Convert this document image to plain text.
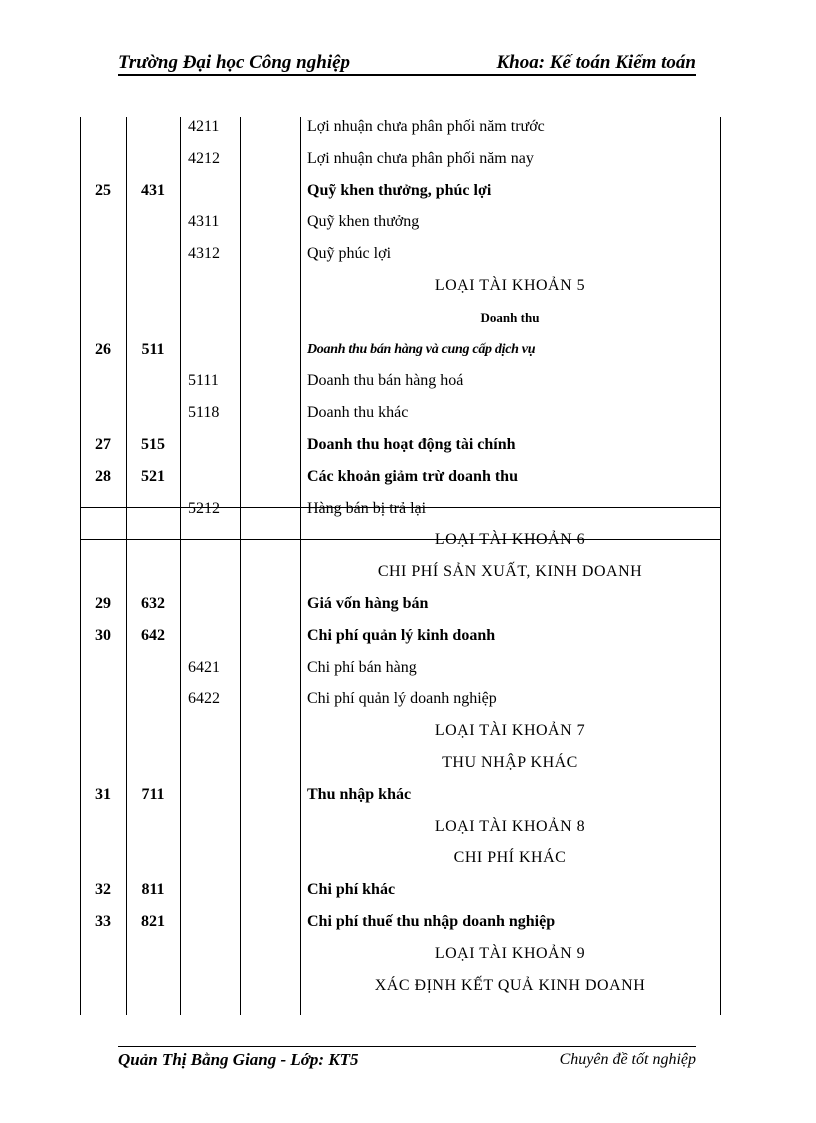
Trường Đại học Công nghiệp	Khoa: Kế toán Kiểm toán
4211	Lợi nhuận chưa phân phối năm trước
4212	Lợi nhuận chưa phân phối năm nay
25	431	Quỹ khen thưởng, phúc lợi
4311	Quỹ khen thưởng
4312	Quỹ phúc lợi
LOẠI TÀI KHOẢN 5
Doanh thu
26	511	Doanh thu bán hàng và cung cấp dịch vụ
5111	Doanh thu bán hàng hoá
5118	Doanh thu khác
27	515	Doanh thu hoạt động tài chính
28	521	Các khoản giảm trừ doanh thu
5212	Hàng bán bị trả lại
LOẠI TÀI KHOẢN 6
CHI PHÍ SẢN XUẤT, KINH DOANH
29	632	Giá vốn hàng bán
30	642	Chi phí quản lý kinh doanh
6421	Chi phí bán hàng
6422	Chi phí quản lý doanh nghiệp
LOẠI TÀI KHOẢN 7
THU NHẬP KHÁC
31	711	Thu nhập khác
LOẠI TÀI KHOẢN 8
CHI PHÍ KHÁC
32	811	Chi phí khác
33	821	Chi phí thuế thu nhập doanh nghiệp
LOẠI TÀI KHOẢN 9
XÁC ĐỊNH KẾT QUẢ KINH DOANH
Quản Thị Bằng Giang - Lớp: KT5	Chuyên đề tốt nghiệp
